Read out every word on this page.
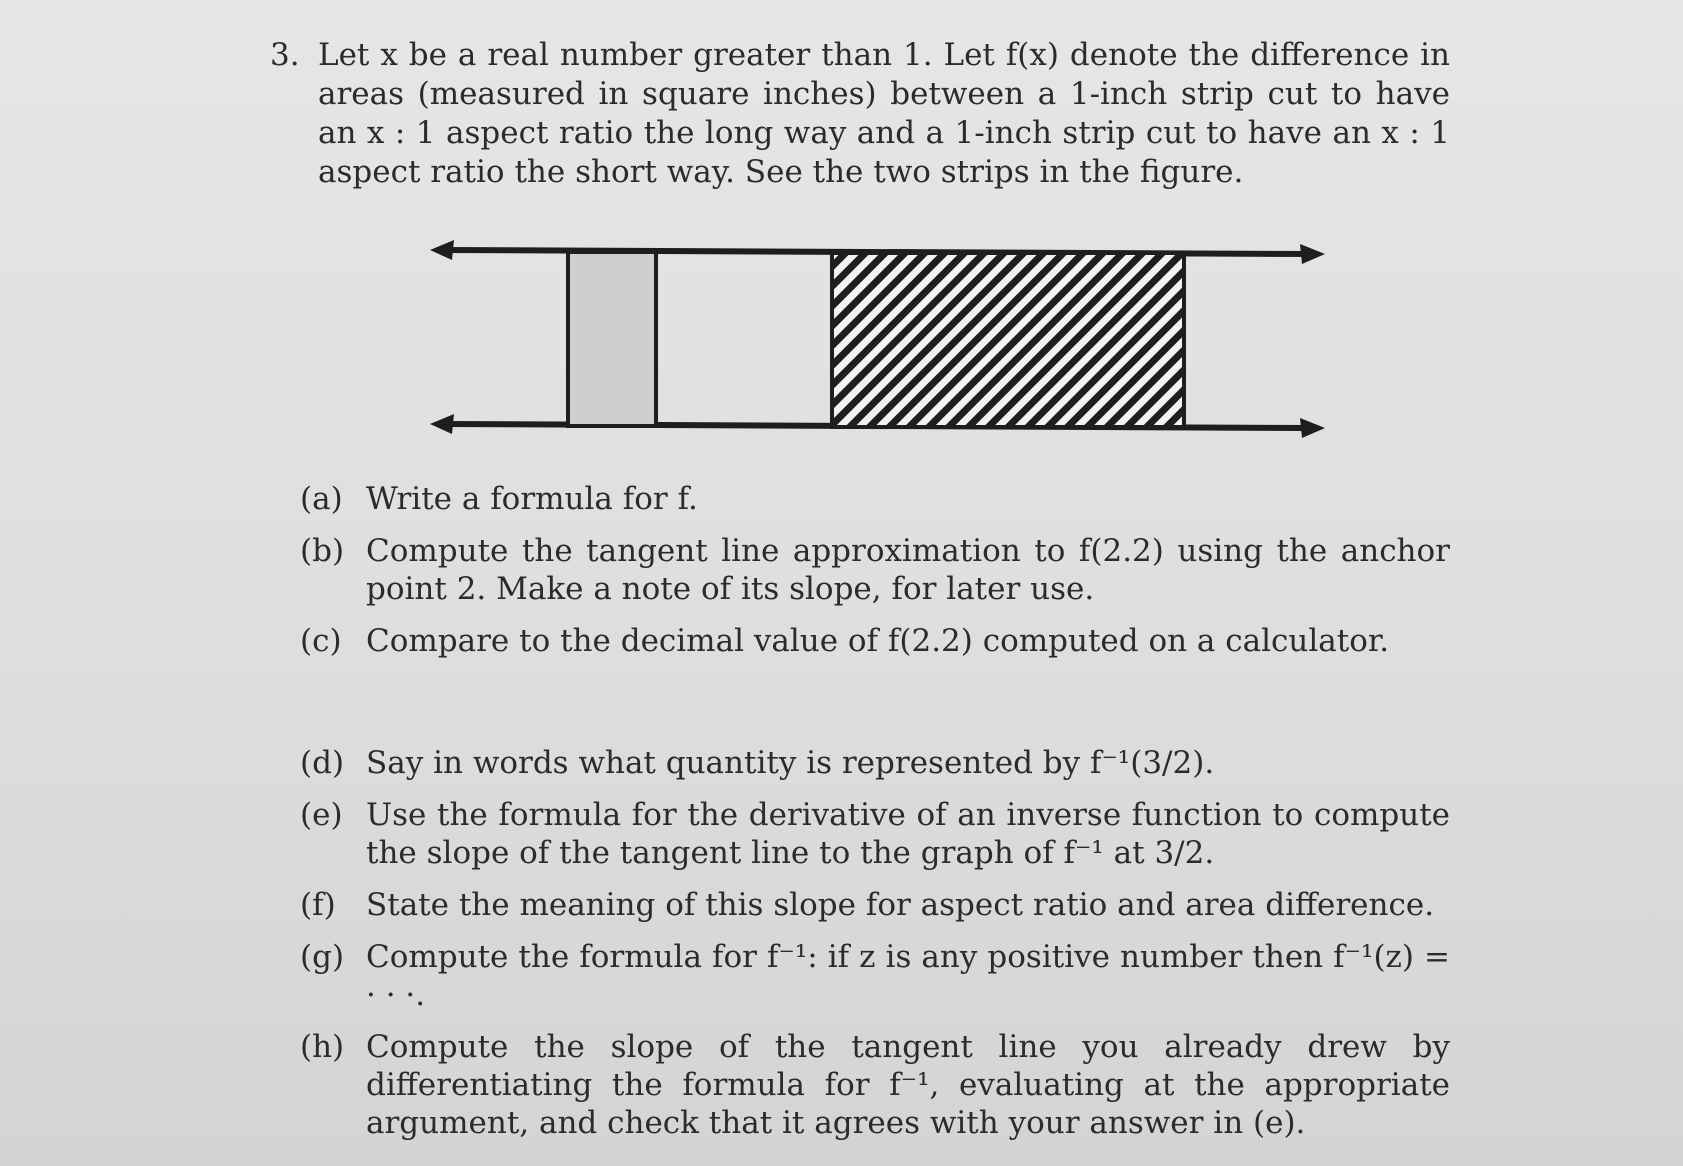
3. Let x be a real number greater than 1. Let f(x) denote the difference in areas (measured in square inches) between a 1-inch strip cut to have an x : 1 aspect ratio the long way and a 1-inch strip cut to have an x : 1 aspect ratio the short way. See the two strips in the figure.
(a) Write a formula for f.
(b) Compute the tangent line approximation to f(2.2) using the anchor point 2. Make a note of its slope, for later use.
(c) Compare to the decimal value of f(2.2) computed on a calculator.
(d) Say in words what quantity is represented by f⁻¹(3/2).
(e) Use the formula for the derivative of an inverse function to compute the slope of the tangent line to the graph of f⁻¹ at 3/2.
(f) State the meaning of this slope for aspect ratio and area difference.
(g) Compute the formula for f⁻¹: if z is any positive number then f⁻¹(z) = · · ·.
(h) Compute the slope of the tangent line you already drew by differentiating the formula for f⁻¹, evaluating at the appropriate argument, and check that it agrees with your answer in (e).
